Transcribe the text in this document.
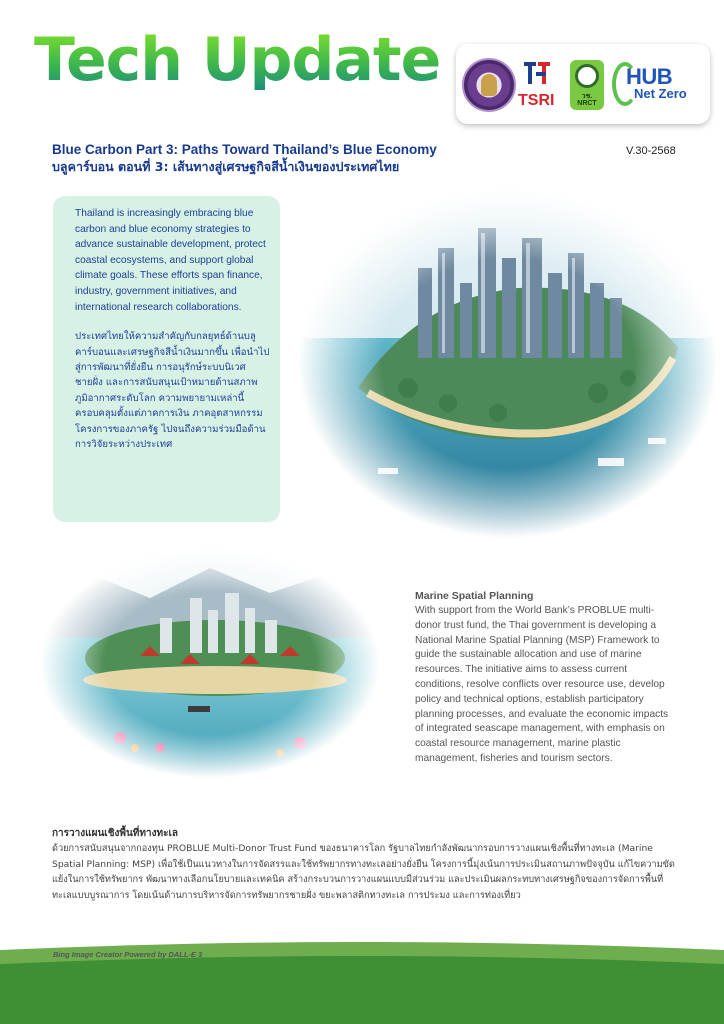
Tech Update
TSRI	วช.
NRCT
HUB
Net Zero
Blue Carbon Part 3: Paths Toward Thailand’s Blue Economy
บลูคาร์บอน ตอนที่ 3: เส้นทางสู่เศรษฐกิจสีน้ำเงินของประเทศไทย
V.30-2568

Thailand is increasingly embracing blue carbon and blue economy strategies to advance sustainable development, protect coastal ecosystems, and support global climate goals. These efforts span finance, industry, government initiatives, and international research collaborations.

ประเทศไทยให้ความสำคัญกับกลยุทธ์ด้านบลูคาร์บอนและเศรษฐกิจสีน้ำเงินมากขึ้น เพื่อนำไปสู่การพัฒนาที่ยั่งยืน การอนุรักษ์ระบบนิเวศชายฝั่ง และการสนับสนุนเป้าหมายด้านสภาพภูมิอากาศระดับโลก ความพยายามเหล่านี้ครอบคลุมตั้งแต่ภาคการเงิน ภาคอุตสาหกรรม โครงการของภาครัฐ ไปจนถึงความร่วมมือด้านการวิจัยระหว่างประเทศ

Marine Spatial Planning

With support from the World Bank’s PROBLUE multi-donor trust fund, the Thai government is developing a National Marine Spatial Planning (MSP) Framework to guide the sustainable allocation and use of marine resources. The initiative aims to assess current conditions, resolve conflicts over resource use, develop policy and technical options, establish participatory planning processes, and evaluate the economic impacts of integrated seascape management, with emphasis on coastal resource management, marine plastic management, fisheries and tourism sectors.

การวางแผนเชิงพื้นที่ทางทะเล

ด้วยการสนับสนุนจากกองทุน PROBLUE Multi-Donor Trust Fund ของธนาคารโลก รัฐบาลไทยกำลังพัฒนากรอบการวางแผนเชิงพื้นที่ทางทะเล (Marine Spatial Planning: MSP) เพื่อใช้เป็นแนวทางในการจัดสรรและใช้ทรัพยากรทางทะเลอย่างยั่งยืน โครงการนี้มุ่งเน้นการประเมินสถานภาพปัจจุบัน แก้ไขความขัดแย้งในการใช้ทรัพยากร พัฒนาทางเลือกนโยบายและเทคนิค สร้างกระบวนการวางแผนแบบมีส่วนร่วม และประเมินผลกระทบทางเศรษฐกิจของการจัดการพื้นที่ทะเลแบบบูรณาการ โดยเน้นด้านการบริหารจัดการทรัพยากรชายฝั่ง ขยะพลาสติกทางทะเล การประมง และการท่องเที่ยว

Bing Image Creator Powered by DALL-E 3
